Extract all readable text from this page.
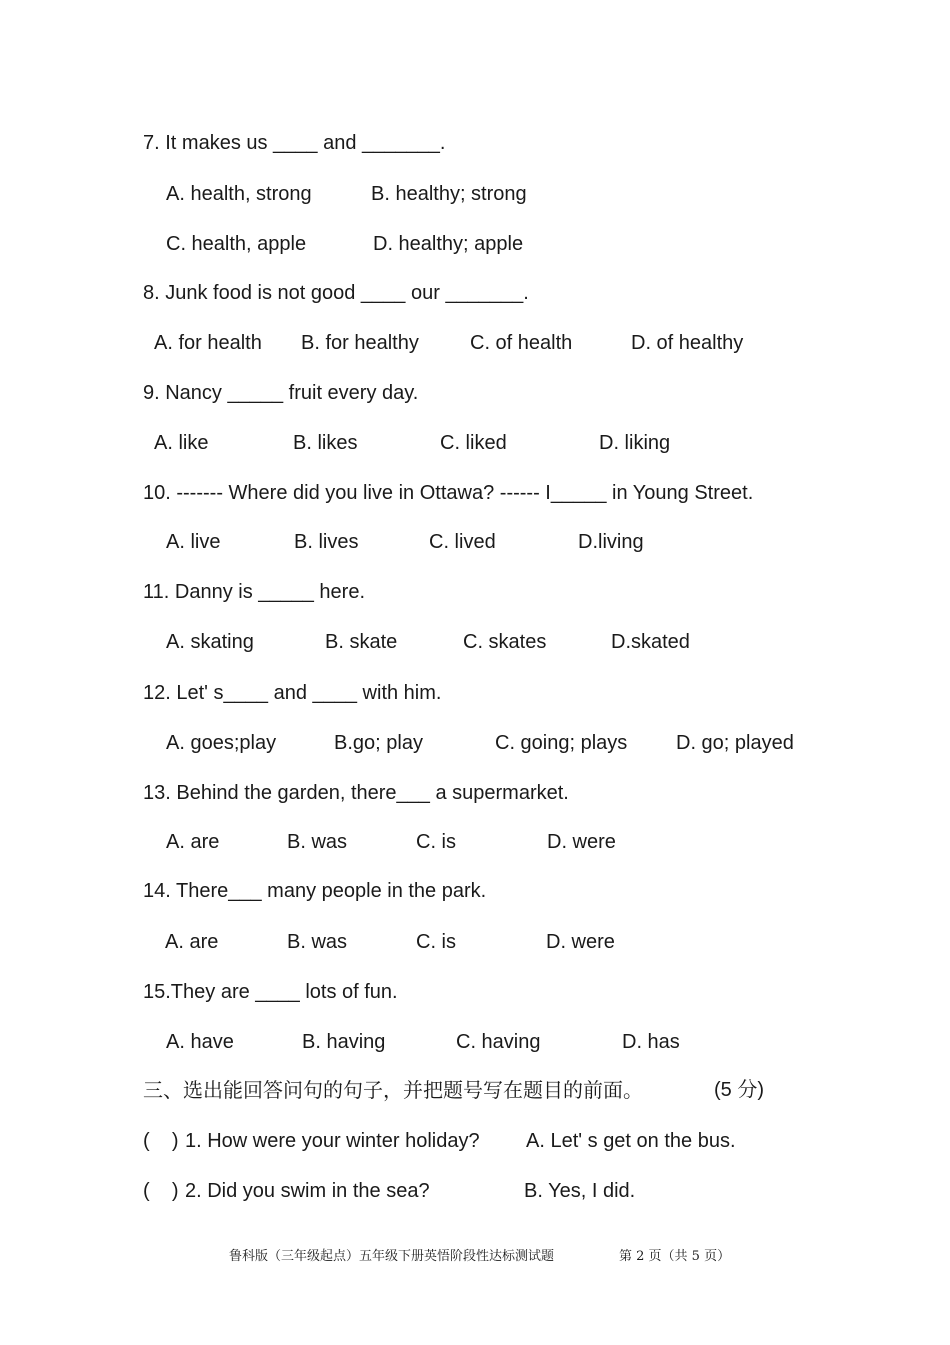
7. It makes us ____ and _______.
A. health, strong	B. healthy; strong
C. health, apple	D. healthy; apple
8. Junk food is not good ____ our _______.
A. for health B. for healthy	C. of health	D. of healthy
9. Nancy _____ fruit every day.
A. like	B. likes	C. liked	D. liking
10. ------- Where did you live in Ottawa? ------ I_____ in Young Street.
A. live	B. lives	C. lived	D.living
11. Danny is _____ here.
A. skating	B. skate	C. skates	D.skated
12. Let' s____ and ____ with him.
A. goes;play	B.go; play	C. going; plays D. go; played
13. Behind the garden, there___ a supermarket.
A. are	B. was	C. is	D. were
14. There___ many people in the park.
A. are	B. was	C. is	D. were
15.They are ____ lots of fun.
A. have	B. having	C. having	D. has
三、选出能回答问句的句子，并把题号写在题目的前面。	(5 分)
(    ) 1. How were your winter holiday? A. Let' s get on the bus.
(    ) 2. Did you swim in the sea?	B. Yes, I did.
鲁科版（三年级起点）五年级下册英悟阶段性达标测试题	第 2 页（共 5 页）
